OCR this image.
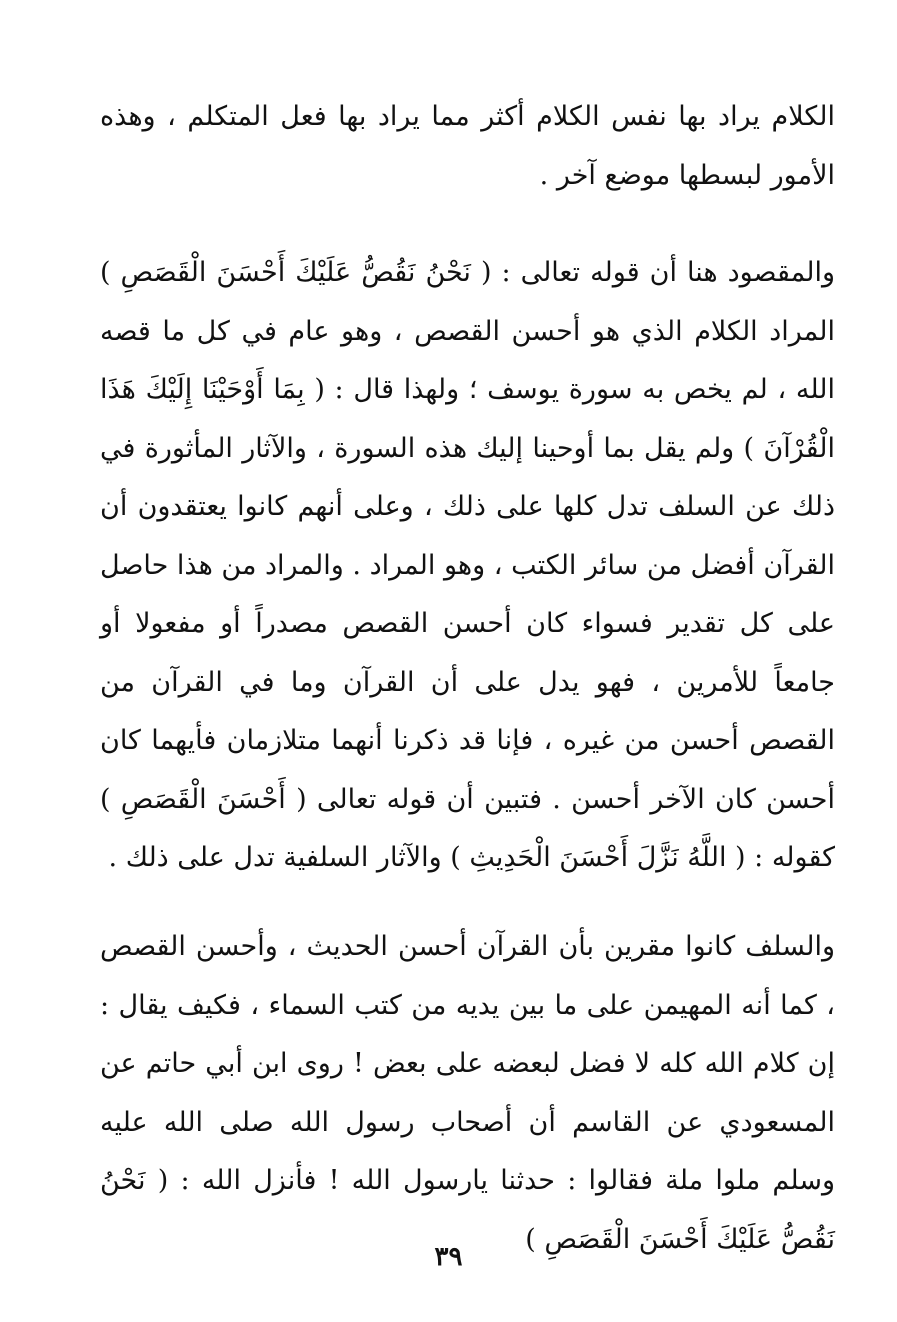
الكلام يراد بها نفس الكلام أكثر مما يراد بها فعل المتكلم ، وهذه الأمور لبسطها موضع آخر .

والمقصود هنا أن قوله تعالى : ( نَحْنُ نَقُصُّ عَلَيْكَ أَحْسَنَ الْقَصَصِ ) المراد الكلام الذي هو أحسن القصص ، وهو عام في كل ما قصه الله ، لم يخص به سورة يوسف ؛ ولهذا قال : ( بِمَا أَوْحَيْنَا إِلَيْكَ هَذَا الْقُرْآنَ ) ولم يقل بما أوحينا إليك هذه السورة ، والآثار المأثورة في ذلك عن السلف تدل كلها على ذلك ، وعلى أنهم كانوا يعتقدون أن القرآن أفضل من سائر الكتب ، وهو المراد . والمراد من هذا حاصل على كل تقدير فسواء كان أحسن القصص مصدراً أو مفعولا أو جامعاً للأمرين ، فهو يدل على أن القرآن وما في القرآن من القصص أحسن من غيره ، فإنا قد ذكرنا أنهما متلازمان فأيهما كان أحسن كان الآخر أحسن . فتبين أن قوله تعالى ( أَحْسَنَ الْقَصَصِ ) كقوله : ( اللَّهُ نَزَّلَ أَحْسَنَ الْحَدِيثِ ) والآثار السلفية تدل على ذلك .

والسلف كانوا مقرين بأن القرآن أحسن الحديث ، وأحسن القصص ، كما أنه المهيمن على ما بين يديه من كتب السماء ، فكيف يقال : إن كلام الله كله لا فضل لبعضه على بعض ! روى ابن أبي حاتم عن المسعودي عن القاسم أن أصحاب رسول الله صلى الله عليه وسلم ملوا ملة فقالوا : حدثنا يارسول الله ! فأنزل الله : ( نَحْنُ نَقُصُّ عَلَيْكَ أَحْسَنَ الْقَصَصِ )

٣٩
